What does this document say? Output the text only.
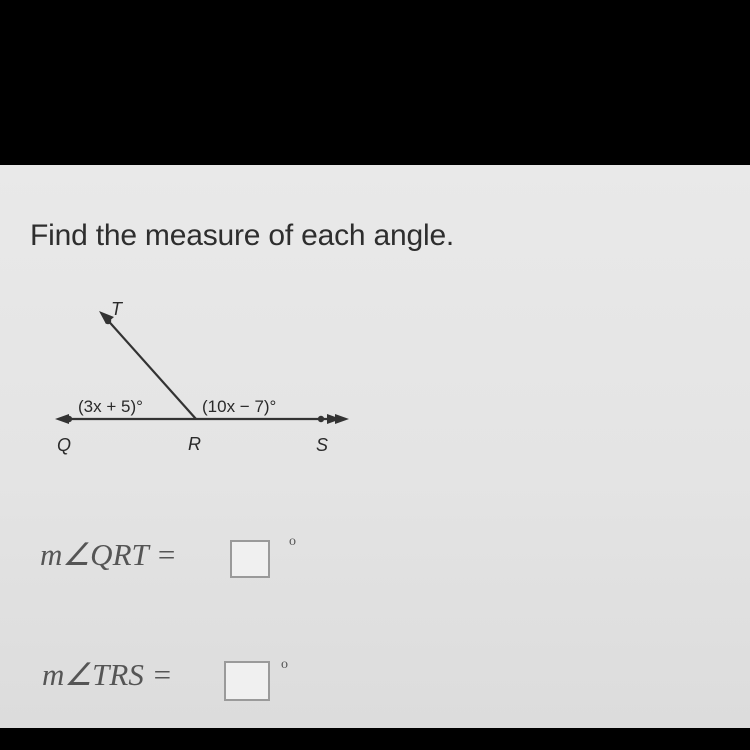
Find the measure of each angle.
T
Q	R	S
(3x + 5)°	(10x − 7)°
m∠QRT =	o
m∠TRS =	o
